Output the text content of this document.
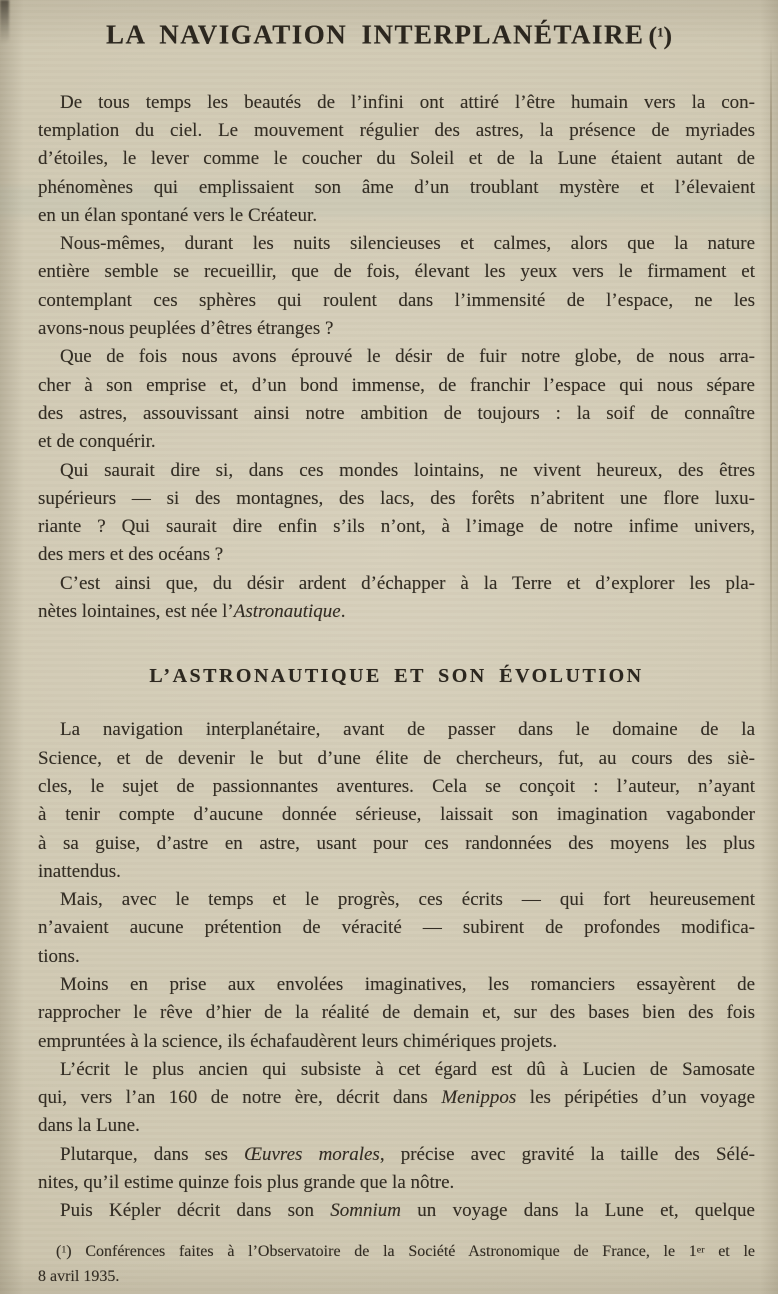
LA NAVIGATION INTERPLANÉTAIRE ($^1$)
De tous temps les beautés de l’infini ont attiré l’être humain vers la con-
templation du ciel. Le mouvement régulier des astres, la présence de myriades
d’étoiles, le lever comme le coucher du Soleil et de la Lune étaient autant de
phénomènes qui emplissaient son âme d’un troublant mystère et l’élevaient
en un élan spontané vers le Créateur.
Nous-mêmes, durant les nuits silencieuses et calmes, alors que la nature
entière semble se recueillir, que de fois, élevant les yeux vers le firmament et
contemplant ces sphères qui roulent dans l’immensité de l’espace, ne les
avons-nous peuplées d’êtres étranges ?
Que de fois nous avons éprouvé le désir de fuir notre globe, de nous arra-
cher à son emprise et, d’un bond immense, de franchir l’espace qui nous sépare
des astres, assouvissant ainsi notre ambition de toujours : la soif de connaître
et de conquérir.
Qui saurait dire si, dans ces mondes lointains, ne vivent heureux, des êtres
supérieurs — si des montagnes, des lacs, des forêts n’abritent une flore luxu-
riante ? Qui saurait dire enfin s’ils n’ont, à l’image de notre infime univers,
des mers et des océans ?
C’est ainsi que, du désir ardent d’échapper à la Terre et d’explorer les pla-
nètes lointaines, est née l’Astronautique.
L’ASTRONAUTIQUE ET SON ÉVOLUTION
La navigation interplanétaire, avant de passer dans le domaine de la
Science, et de devenir le but d’une élite de chercheurs, fut, au cours des siè-
cles, le sujet de passionnantes aventures. Cela se conçoit : l’auteur, n’ayant
à tenir compte d’aucune donnée sérieuse, laissait son imagination vagabonder
à sa guise, d’astre en astre, usant pour ces randonnées des moyens les plus
inattendus.
Mais, avec le temps et le progrès, ces écrits — qui fort heureusement
n’avaient aucune prétention de véracité — subirent de profondes modifica-
tions.
Moins en prise aux envolées imaginatives, les romanciers essayèrent de
rapprocher le rêve d’hier de la réalité de demain et, sur des bases bien des fois
empruntées à la science, ils échafaudèrent leurs chimériques projets.
L’écrit le plus ancien qui subsiste à cet égard est dû à Lucien de Samosate
qui, vers l’an 160 de notre ère, décrit dans Menippos les péripéties d’un voyage
dans la Lune.
Plutarque, dans ses Œuvres morales, précise avec gravité la taille des Sélé-
nites, qu’il estime quinze fois plus grande que la nôtre.
Puis Képler décrit dans son Somnium un voyage dans la Lune et, quelque
($^1$) Conférences faites à l’Observatoire de la Société Astronomique de France, le 1er et le
8 avril 1935.
